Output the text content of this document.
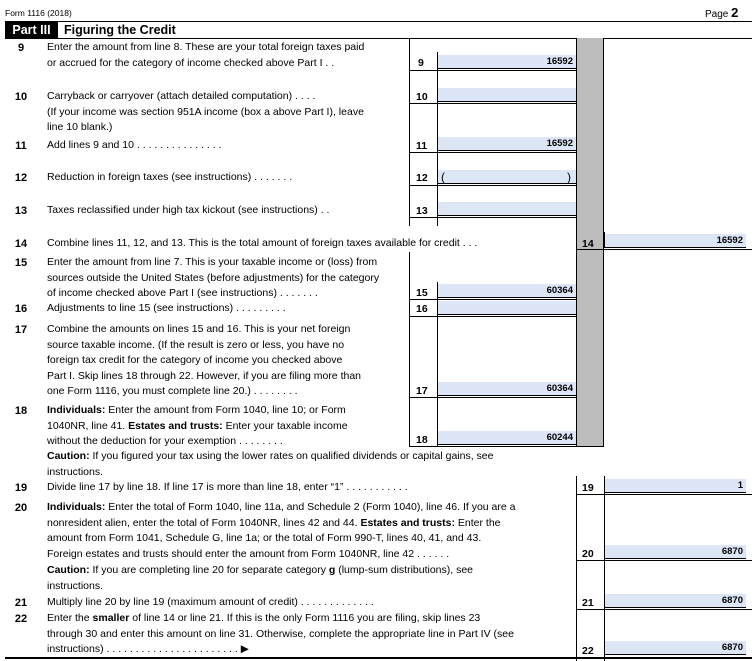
Form 1116 (2018)	Page 2
Part III	Figuring the Credit
9	Enter the amount from line 8. These are your total foreign taxes paid
or accrued for the category of income checked above Part I . .	9	16592
10	Carryback or carryover (attach detailed computation) . . . .
(If your income was section 951A income (box a above Part I), leave
line 10 blank.)
10
11	Add lines 9 and 10 . . . . . . . . . . . . . . .	11	16592
12	Reduction in foreign taxes (see instructions) . . . . . . .	12 (	)
13	Taxes reclassified under high tax kickout (see instructions) . .	13
14	Combine lines 11, 12, and 13. This is the total amount of foreign taxes available for credit . . .	14	16592
15	Enter the amount from line 7. This is your taxable income or (loss) from
sources outside the United States (before adjustments) for the category
of income checked above Part I (see instructions) . . . . . . .	15	60364
16	Adjustments to line 15 (see instructions) . . . . . . . . .	16
17	Combine the amounts on lines 15 and 16. This is your net foreign
source taxable income. (If the result is zero or less, you have no
foreign tax credit for the category of income you checked above
Part I. Skip lines 18 through 22. However, if you are filing more than
one Form 1116, you must complete line 20.) . . . . . . . .	17	60364
18	Individuals: Enter the amount from Form 1040, line 10; or Form
1040NR, line 41. Estates and trusts: Enter your taxable income
without the deduction for your exemption . . . . . . . .	18	60244
Caution: If you figured your tax using the lower rates on qualified dividends or capital gains, see
instructions.
19	Divide line 17 by line 18. If line 17 is more than line 18, enter “1” . . . . . . . . . . .	19	1
20	Individuals: Enter the total of Form 1040, line 11a, and Schedule 2 (Form 1040), line 46. If you are a
nonresident alien, enter the total of Form 1040NR, lines 42 and 44. Estates and trusts: Enter the
amount from Form 1041, Schedule G, line 1a; or the total of Form 990-T, lines 40, 41, and 43.
Foreign estates and trusts should enter the amount from Form 1040NR, line 42 . . . . . .	20	6870
Caution: If you are completing line 20 for separate category g (lump-sum distributions), see
instructions.
21	Multiply line 20 by line 19 (maximum amount of credit) . . . . . . . . . . . . .	21	6870
22	Enter the smaller of line 14 or line 21. If this is the only Form 1116 you are filing, skip lines 23
through 30 and enter this amount on line 31. Otherwise, complete the appropriate line in Part IV (see
instructions) . . . . . . . . . . . . . . . . . . . . . . . ▶	22	6870
